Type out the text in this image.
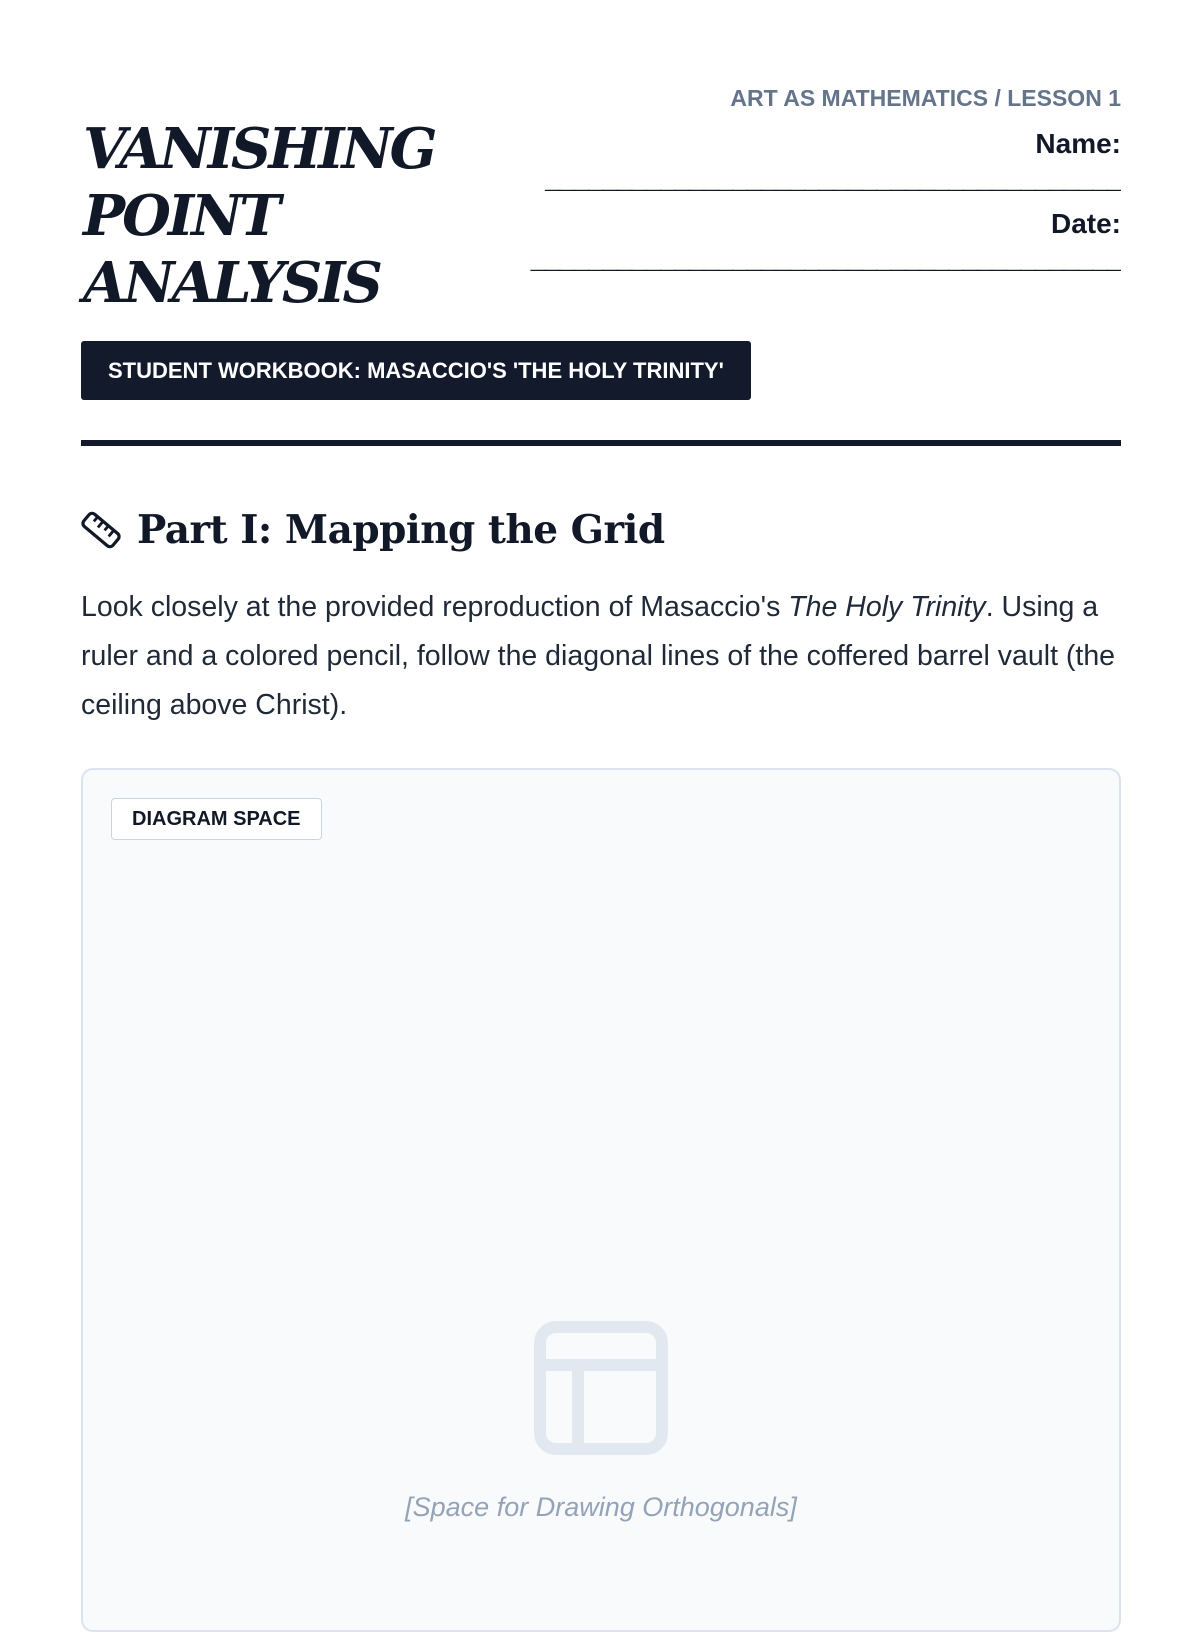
VANISHING
POINT
ANALYSIS
ART AS MATHEMATICS / LESSON 1
Name:
________________________________________
Date:
_________________________________________
STUDENT WORKBOOK: MASACCIO'S 'THE HOLY TRINITY'
Part I: Mapping the Grid

Look closely at the provided reproduction of Masaccio's The Holy Trinity. Using a ruler and a colored pencil, follow the diagonal lines of the coffered barrel vault (the ceiling above Christ).

DIAGRAM SPACE
[Space for Drawing Orthogonals]
